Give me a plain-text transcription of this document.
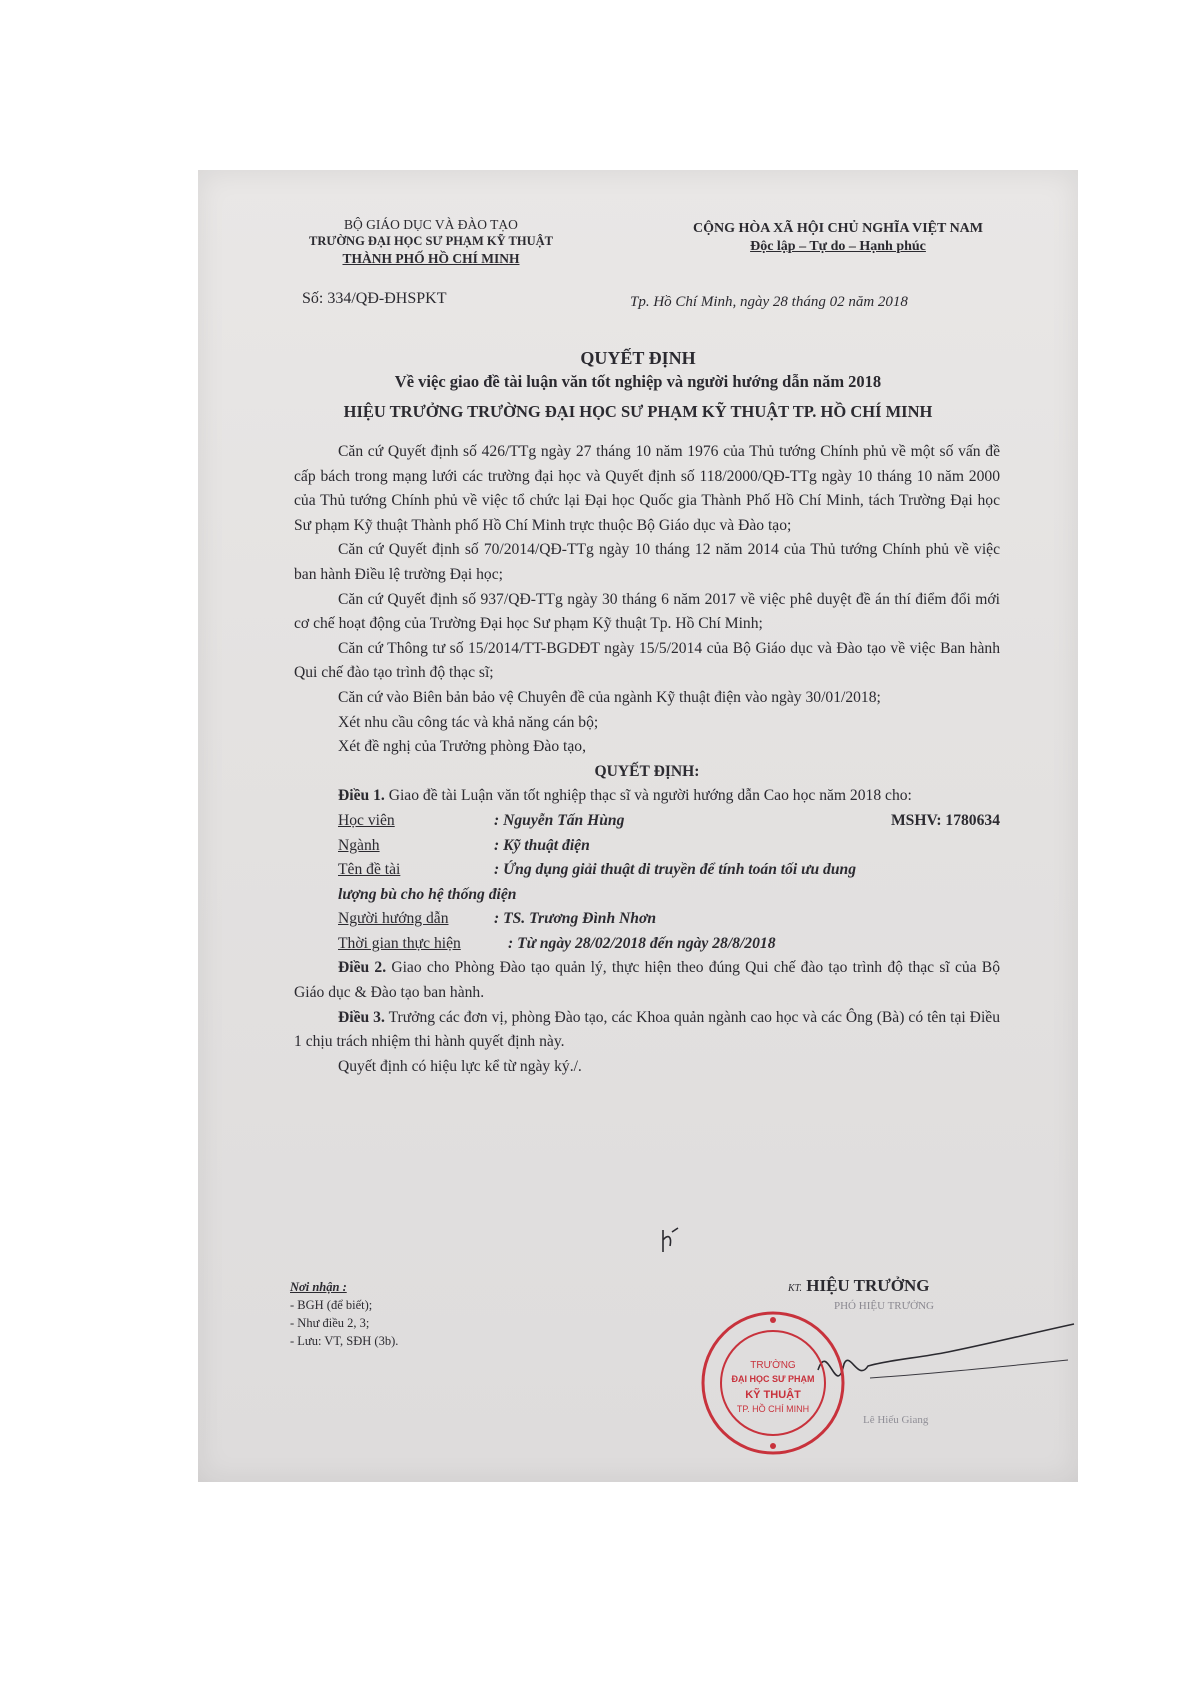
BỘ GIÁO DỤC VÀ ĐÀO TẠO
TRƯỜNG ĐẠI HỌC SƯ PHẠM KỸ THUẬT
THÀNH PHỐ HỒ CHÍ MINH
Số: 334/QĐ-ĐHSPKT
CỘNG HÒA XÃ HỘI CHỦ NGHĨA VIỆT NAM
Độc lập – Tự do – Hạnh phúc
Tp. Hồ Chí Minh, ngày 28 tháng 02 năm 2018
QUYẾT ĐỊNH
Về việc giao đề tài luận văn tốt nghiệp và người hướng dẫn năm 2018
HIỆU TRƯỞNG TRƯỜNG ĐẠI HỌC SƯ PHẠM KỸ THUẬT TP. HỒ CHÍ MINH

Căn cứ Quyết định số 426/TTg ngày 27 tháng 10 năm 1976 của Thủ tướng Chính phủ về một số vấn đề cấp bách trong mạng lưới các trường đại học và Quyết định số 118/2000/QĐ-TTg ngày 10 tháng 10 năm 2000 của Thủ tướng Chính phủ về việc tổ chức lại Đại học Quốc gia Thành Phố Hồ Chí Minh, tách Trường Đại học Sư phạm Kỹ thuật Thành phố Hồ Chí Minh trực thuộc Bộ Giáo dục và Đào tạo;

Căn cứ Quyết định số 70/2014/QĐ-TTg ngày 10 tháng 12 năm 2014 của Thủ tướng Chính phủ về việc ban hành Điều lệ trường Đại học;

Căn cứ Quyết định số 937/QĐ-TTg ngày 30 tháng 6 năm 2017 về việc phê duyệt đề án thí điểm đổi mới cơ chế hoạt động của Trường Đại học Sư phạm Kỹ thuật Tp. Hồ Chí Minh;

Căn cứ Thông tư số 15/2014/TT-BGDĐT ngày 15/5/2014 của Bộ Giáo dục và Đào tạo về việc Ban hành Qui chế đào tạo trình độ thạc sĩ;

Căn cứ vào Biên bản bảo vệ Chuyên đề của ngành Kỹ thuật điện vào ngày 30/01/2018;

Xét nhu cầu công tác và khả năng cán bộ;

Xét đề nghị của Trưởng phòng Đào tạo,

QUYẾT ĐỊNH:

Điều 1. Giao đề tài Luận văn tốt nghiệp thạc sĩ và người hướng dẫn Cao học năm 2018 cho:

Học viên	: Nguyễn Tấn Hùng	MSHV: 1780634
Ngành	: Kỹ thuật điện
Tên đề tài	: Ứng dụng giải thuật di truyền để tính toán tối ưu dung
lượng bù cho hệ thống điện
Người hướng dẫn	: TS. Trương Đình Nhơn
Thời gian thực hiện	: Từ ngày 28/02/2018 đến ngày 28/8/2018

Điều 2. Giao cho Phòng Đào tạo quản lý, thực hiện theo đúng Qui chế đào tạo trình độ thạc sĩ của Bộ Giáo dục & Đào tạo ban hành.

Điều 3. Trưởng các đơn vị, phòng Đào tạo, các Khoa quản ngành cao học và các Ông (Bà) có tên tại Điều 1 chịu trách nhiệm thi hành quyết định này.

Quyết định có hiệu lực kể từ ngày ký./.

Nơi nhận :
- BGH (để biết);
- Như điều 2, 3;
- Lưu: VT, SĐH (3b).
KT. HIỆU TRƯỞNG
PHÓ HIỆU TRƯỞNG
TRƯỜNG
ĐẠI HỌC SƯ PHẠM
KỸ THUẬT
TP. HỒ CHÍ MINH
Lê Hiếu Giang
